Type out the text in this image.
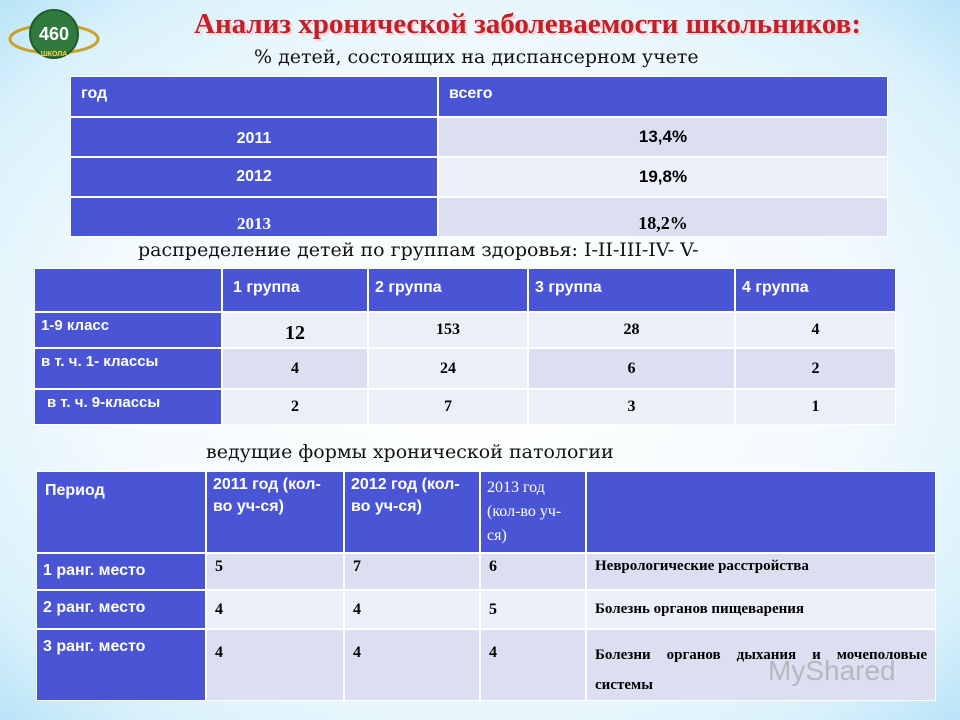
460
ШКОЛА
Анализ хронической заболеваемости школьников:
% детей, состоящих на диспансерном учете
год	всего
2011	13,4%
2012	19,8%
2013	18,2%
распределение детей по группам здоровья: I-II-III-IV- V-
	1 группа	2 группа	3 группа	4 группа
1-9 класс	12	153	28	4
в т. ч. 1- классы	4	24	6	2
в т. ч. 9-классы	2	7	3	1
ведущие формы хронической патологии
Период	2011 год (кол-во уч-ся)	2012 год (кол-во уч-ся)	2013 год (кол-во уч-ся)	
1 ранг. место	5	7	6	Неврологические расстройства
2 ранг. место	4	4	5	Болезнь органов пищеварения
3 ранг. место	4	4	4	Болезни органов дыхания и мочеполовые системы	MyShared
